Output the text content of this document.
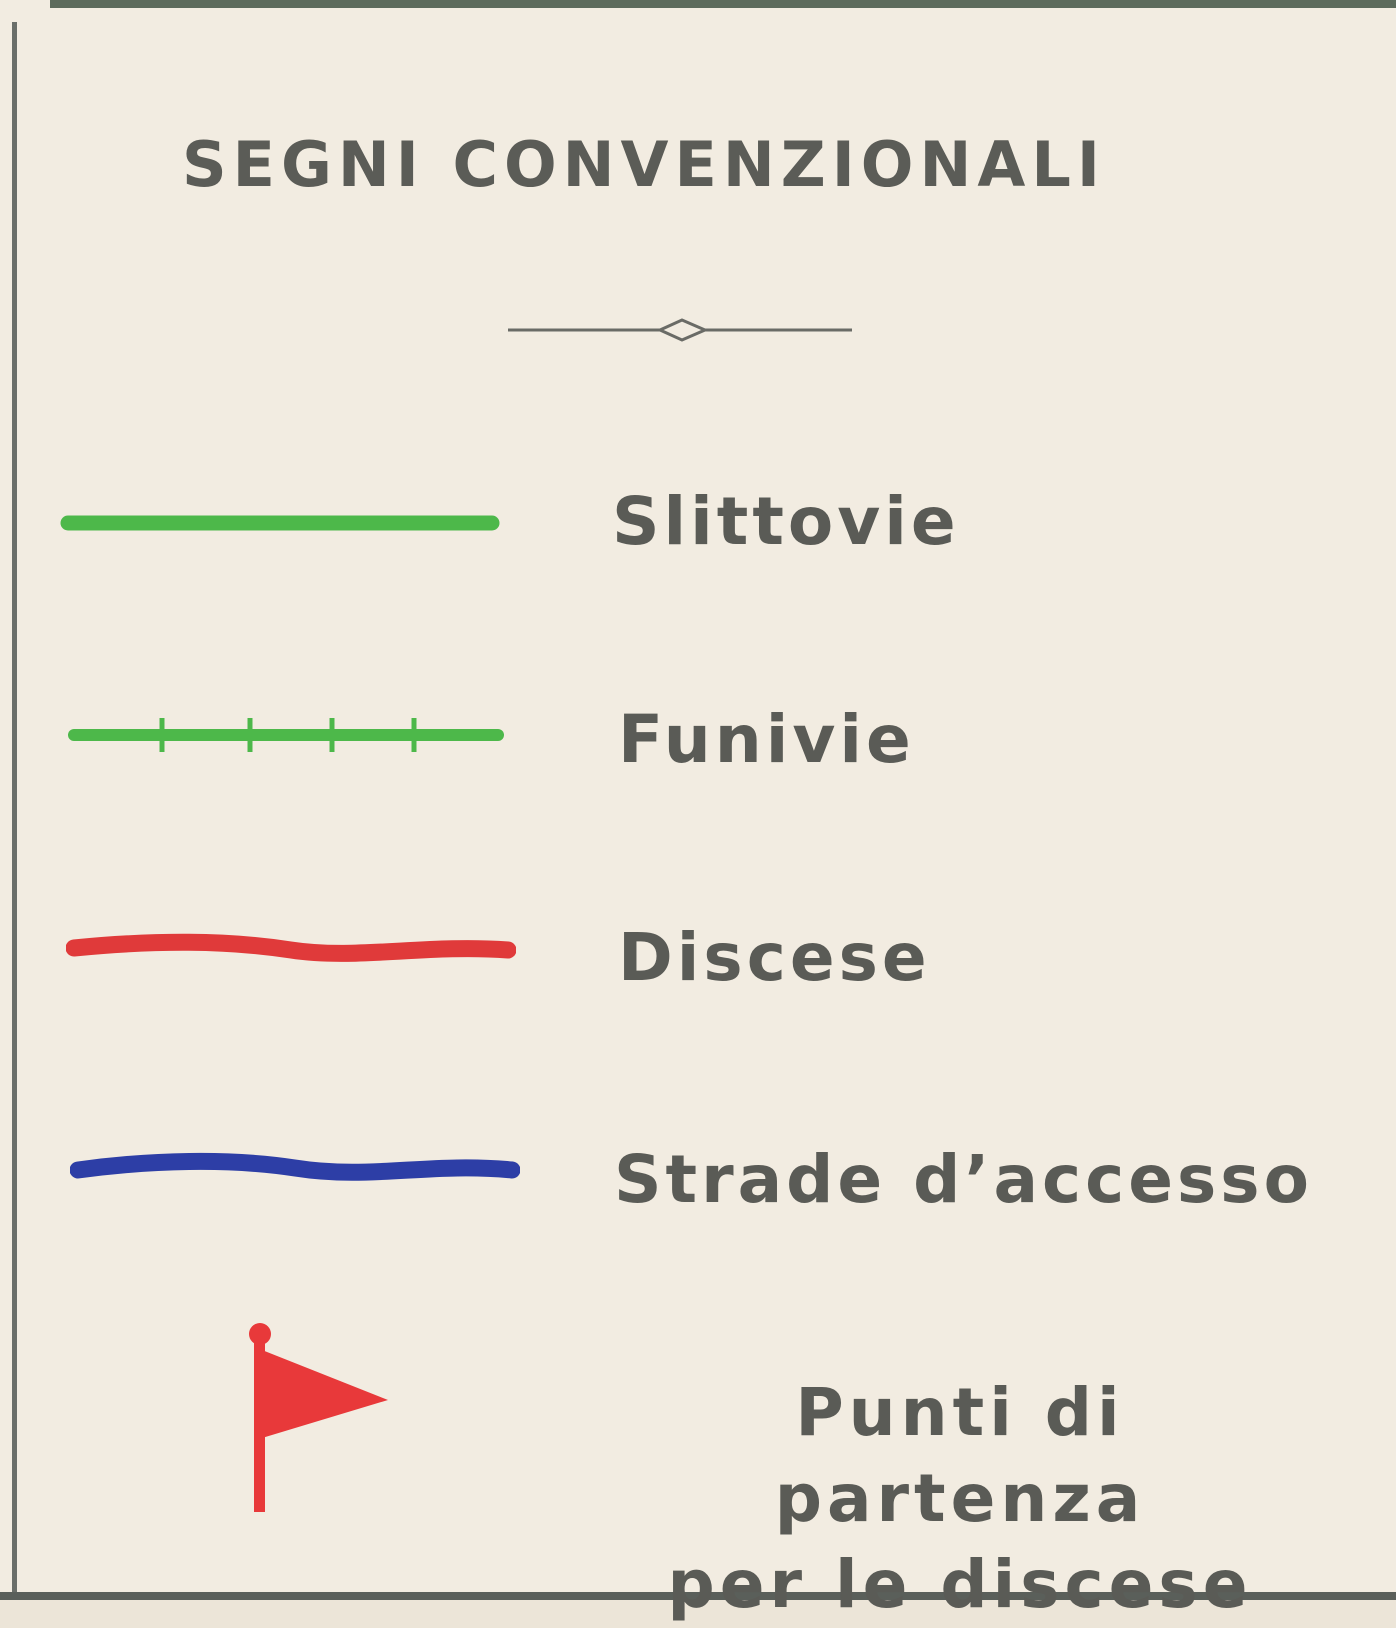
SEGNI CONVENZIONALI
Slittovie
Funivie
Discese
Strade d’accesso
Punti di partenza
per le discese
